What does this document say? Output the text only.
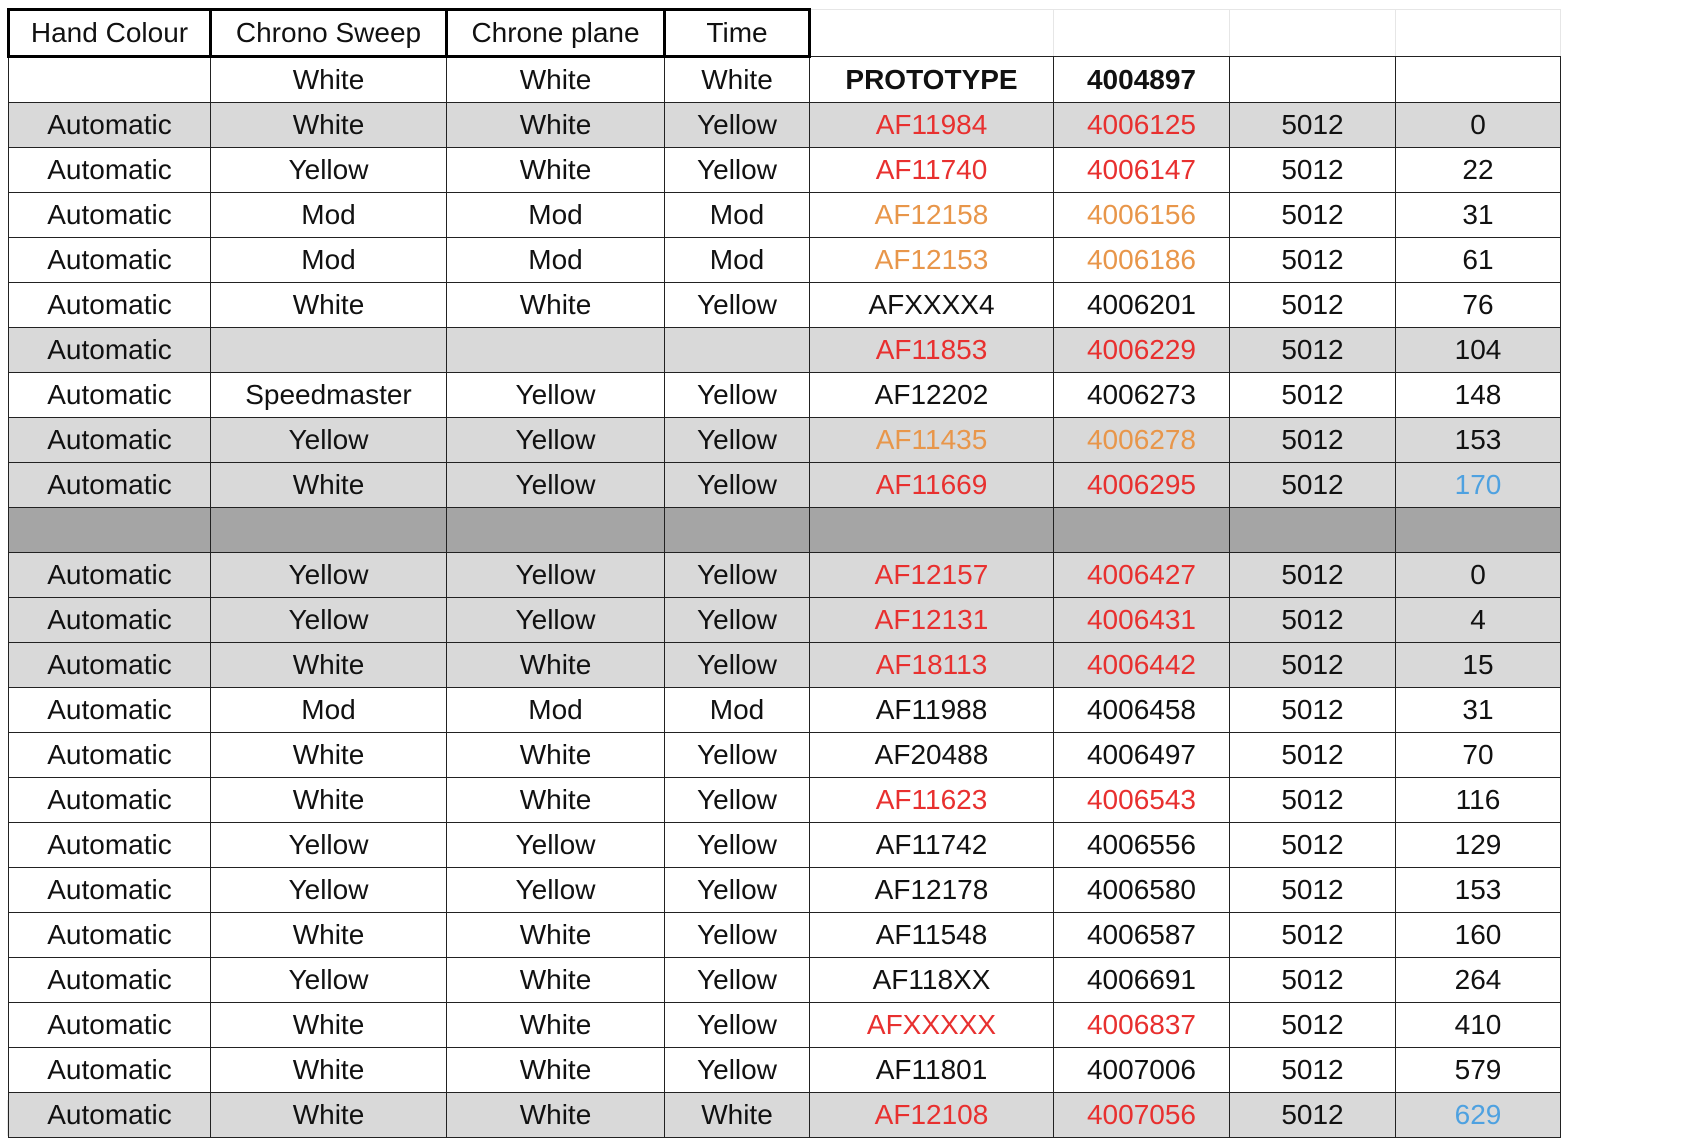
Hand Colour	Chrono Sweep	Chrone plane	Time				
	White	White	White	PROTOTYPE	4004897		
Automatic	White	White	Yellow	AF11984	4006125	5012	0
Automatic	Yellow	White	Yellow	AF11740	4006147	5012	22
Automatic	Mod	Mod	Mod	AF12158	4006156	5012	31
Automatic	Mod	Mod	Mod	AF12153	4006186	5012	61
Automatic	White	White	Yellow	AFXXXX4	4006201	5012	76
Automatic				AF11853	4006229	5012	104
Automatic	Speedmaster	Yellow	Yellow	AF12202	4006273	5012	148
Automatic	Yellow	Yellow	Yellow	AF11435	4006278	5012	153
Automatic	White	Yellow	Yellow	AF11669	4006295	5012	170

Automatic	Yellow	Yellow	Yellow	AF12157	4006427	5012	0
Automatic	Yellow	Yellow	Yellow	AF12131	4006431	5012	4
Automatic	White	White	Yellow	AF18113	4006442	5012	15
Automatic	Mod	Mod	Mod	AF11988	4006458	5012	31
Automatic	White	White	Yellow	AF20488	4006497	5012	70
Automatic	White	White	Yellow	AF11623	4006543	5012	116
Automatic	Yellow	Yellow	Yellow	AF11742	4006556	5012	129
Automatic	Yellow	Yellow	Yellow	AF12178	4006580	5012	153
Automatic	White	White	Yellow	AF11548	4006587	5012	160
Automatic	Yellow	White	Yellow	AF118XX	4006691	5012	264
Automatic	White	White	Yellow	AFXXXXX	4006837	5012	410
Automatic	White	White	Yellow	AF11801	4007006	5012	579
Automatic	White	White	White	AF12108	4007056	5012	629
